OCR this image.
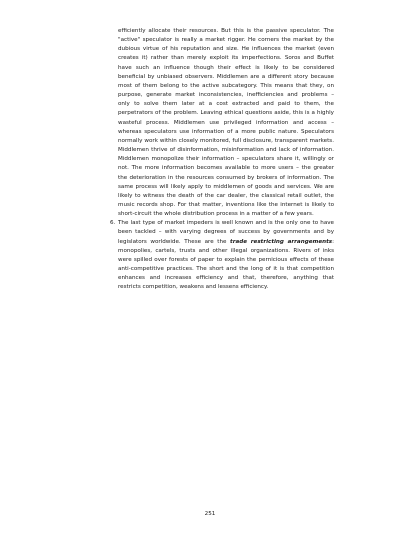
efficiently allocate their resources. But this is the passive speculator. The "active" speculator is really a market rigger. He corners the market by the dubious virtue of his reputation and size. He influences the market (even creates it) rather than merely exploit its imperfections. Soros and Buffet have such an influence though their effect is likely to be considered beneficial by unbiased observers. Middlemen are a different story because most of them belong to the active subcategory. This means that they, on purpose, generate market inconsistencies, inefficiencies and problems – only to solve them later at a cost extracted and paid to them, the perpetrators of the problem. Leaving ethical questions aside, this is a highly wasteful process. Middlemen use privileged information and access – whereas speculators use information of a more public nature. Speculators normally work within closely monitored, full disclosure, transparent markets. Middlemen thrive of disinformation, misinformation and lack of information. Middlemen monopolize their information – speculators share it, willingly or not. The more information becomes available to more users – the greater the deterioration in the resources consumed by brokers of information. The same process will likely apply to middlemen of goods and services. We are likely to witness the death of the car dealer, the classical retail outlet, the music records shop. For that matter, inventions like the internet is likely to short-circuit the whole distribution process in a matter of a few years.

6. The last type of market impeders is well known and is the only one to have been tackled – with varying degrees of success by governments and by legislators worldwide. These are the trade restricting arrangements: monopolies, cartels, trusts and other illegal organizations. Rivers of inks were spilled over forests of paper to explain the pernicious effects of these anti-competitive practices. The short and the long of it is that competition enhances and increases efficiency and that, therefore, anything that restricts competition, weakens and lessens efficiency.

251
